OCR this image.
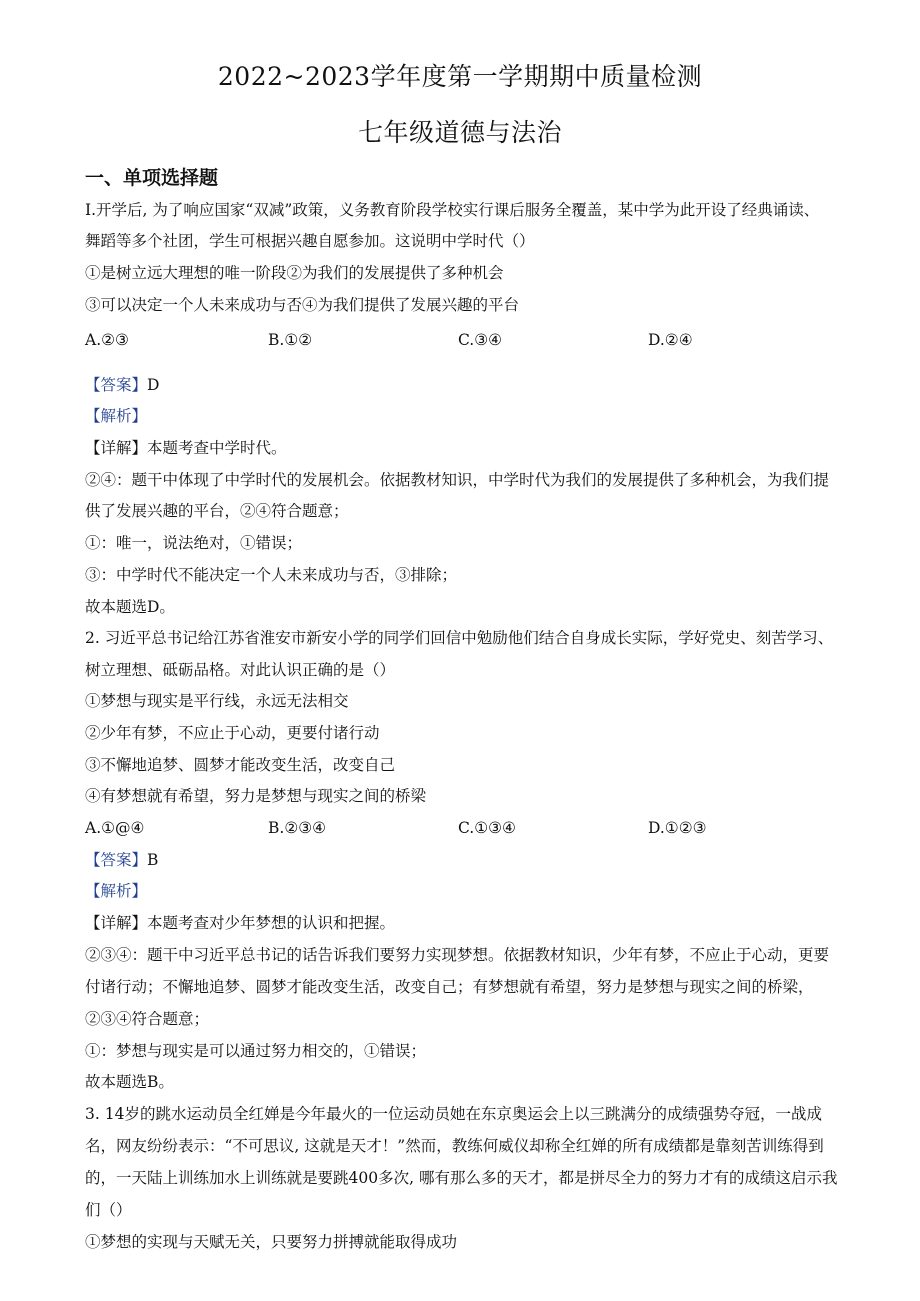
2022~2023学年度第一学期期中质量检测
七年级道德与法治
一、单项选择题
I.开学后, 为了响应国家“双减”政策，义务教育阶段学校实行课后服务全覆盖，某中学为此开设了经典诵读、
舞蹈等多个社团，学生可根据兴趣自愿参加。这说明中学时代（）
①是树立远大理想的唯一阶段②为我们的发展提供了多种机会
③可以决定一个人未来成功与否④为我们提供了发展兴趣的平台
A.②③	B.①②	C.③④	D.②④
【答案】D
【解析】
【详解】本题考查中学时代。
②④：题干中体现了中学时代的发展机会。依据教材知识，中学时代为我们的发展提供了多种机会，为我们提
供了发展兴趣的平台，②④符合题意；
①：唯一，说法绝对，①错误；
③：中学时代不能决定一个人未来成功与否，③排除；
故本题选D。
2. 习近平总书记给江苏省淮安市新安小学的同学们回信中勉励他们结合自身成长实际，学好党史、刻苦学习、
树立理想、砥砺品格。对此认识正确的是（）
①梦想与现实是平行线，永远无法相交
②少年有梦，不应止于心动，更要付诸行动
③不懈地追梦、圆梦才能改变生活，改变自己
④有梦想就有希望，努力是梦想与现实之间的桥梁
A.①@④	B.②③④	C.①③④	D.①②③
【答案】B
【解析】
【详解】本题考查对少年梦想的认识和把握。
②③④：题干中习近平总书记的话告诉我们要努力实现梦想。依据教材知识，少年有梦，不应止于心动，更要
付诸行动；不懈地追梦、圆梦才能改变生活，改变自己；有梦想就有希望，努力是梦想与现实之间的桥梁，
②③④符合题意；
①：梦想与现实是可以通过努力相交的，①错误；
故本题选B。
3. 14岁的跳水运动员全红婵是今年最火的一位运动员她在东京奥运会上以三跳满分的成绩强势夺冠，一战成
名，网友纷纷表示：“不可思议, 这就是天才！”然而，教练何威仪却称全红婵的所有成绩都是靠刻苦训练得到
的，一天陆上训练加水上训练就是要跳400多次, 哪有那么多的天才，都是拼尽全力的努力才有的成绩这启示我
们（）
①梦想的实现与天赋无关，只要努力拼搏就能取得成功
